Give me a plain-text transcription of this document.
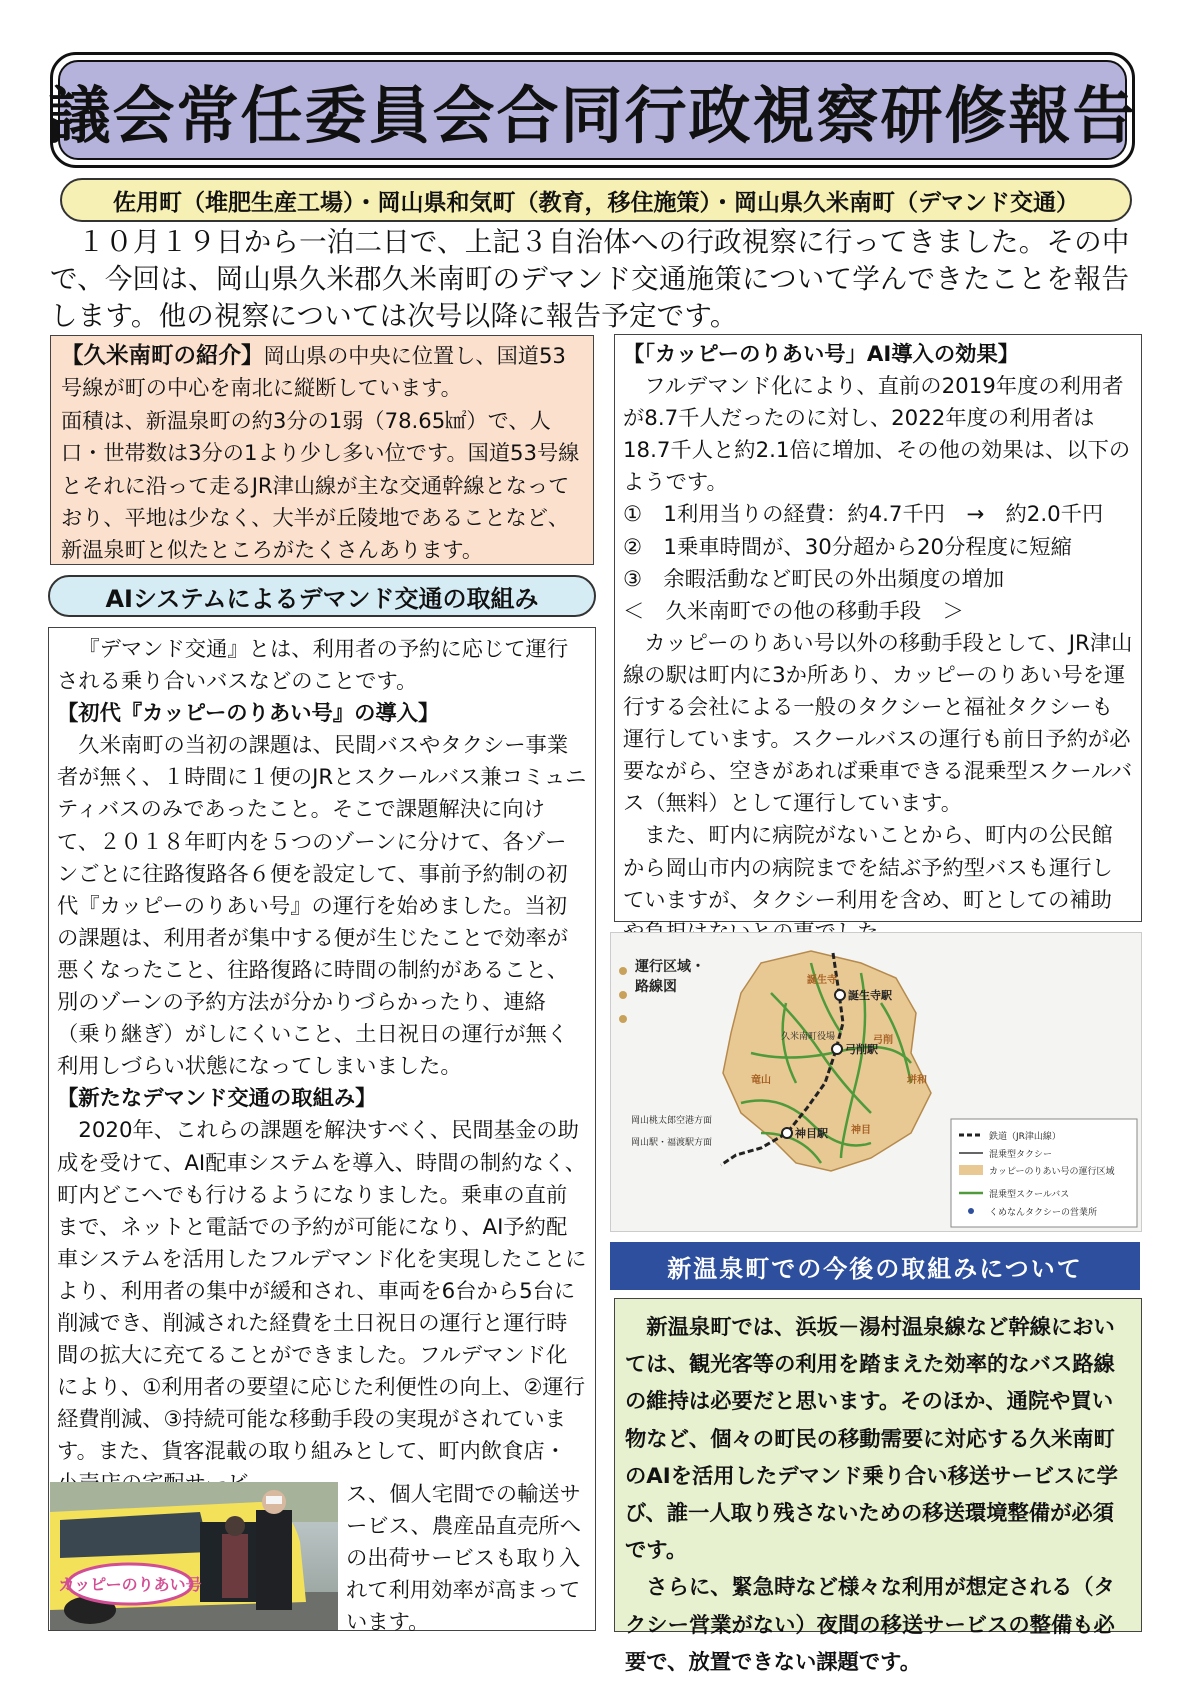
議会常任委員会合同行政視察研修報告
佐用町（堆肥生産工場）・岡山県和気町（教育，移住施策）・岡山県久米南町（デマンド交通）
１０月１９日から一泊二日で、上記３自治体への行政視察に行ってきました。その中で、今回は、岡山県久米郡久米南町のデマンド交通施策について学んできたことを報告します。他の視察については次号以降に報告予定です。
【久米南町の紹介】岡山県の中央に位置し、国道53号線が町の中心を南北に縦断しています。
面積は、新温泉町の約3分の1弱（78.65㎢）で、人口・世帯数は3分の1より少し多い位です。国道53号線とそれに沿って走るJR津山線が主な交通幹線となっており、平地は少なく、大半が丘陵地であることなど、新温泉町と似たところがたくさんあります。
AIシステムによるデマンド交通の取組み
『デマンド交通』とは、利用者の予約に応じて運行される乗り合いバスなどのことです。
【初代『カッピーのりあい号』の導入】
久米南町の当初の課題は、民間バスやタクシー事業者が無く、１時間に１便のJRとスクールバス兼コミュニティバスのみであったこと。そこで課題解決に向けて、２０１８年町内を５つのゾーンに分けて、各ゾーンごとに往路復路各６便を設定して、事前予約制の初代『カッピーのりあい号』の運行を始めました。当初の課題は、利用者が集中する便が生じたことで効率が悪くなったこと、往路復路に時間の制約があること、別のゾーンの予約方法が分かりづらかったり、連絡（乗り継ぎ）がしにくいこと、土日祝日の運行が無く利用しづらい状態になってしまいました。
【新たなデマンド交通の取組み】
2020年、これらの課題を解決すべく、民間基金の助成を受けて、AI配車システムを導入、時間の制約なく、町内どこへでも行けるようになりました。乗車の直前まで、ネットと電話での予約が可能になり、AI予約配車システムを活用したフルデマンド化を実現したことにより、利用者の集中が緩和され、車両を6台から5台に削減でき、削減された経費を土日祝日の運行と運行時間の拡大に充てることができました。フルデマンド化により、①利用者の要望に応じた利便性の向上、②運行経費削減、③持続可能な移動手段の実現がされています。また、貨客混載の取り組みとして、町内飲食店・
カッピーのりあい号
ス、個人宅間での輸送サービス、農産品直売所への出荷サービスも取り入れて利用効率が高まっています。
【「カッピーのりあい号」AI導入の効果】
フルデマンド化により、直前の2019年度の利用者が8.7千人だったのに対し、2022年度の利用者は18.7千人と約2.1倍に増加、その他の効果は、以下のようです。
①　1利用当りの経費：約4.7千円　→　約2.0千円
②　1乗車時間が、30分超から20分程度に短縮
③　余暇活動など町民の外出頻度の増加
＜　久米南町での他の移動手段　＞
カッピーのりあい号以外の移動手段として、JR津山線の駅は町内に3か所あり、カッピーのりあい号を運行する会社による一般のタクシーと福祉タクシーも運行しています。スクールバスの運行も前日予約が必要ながら、空きがあれば乗車できる混乗型スクールバス（無料）として運行しています。
また、町内に病院がないことから、町内の公民館から岡山市内の病院までを結ぶ予約型バスも運行していますが、タクシー利用を含め、町としての補助
運行区域・
路線図
誕生寺駅
弓削駅
神目駅
久米南町役場
誕生寺
弓削
神目
竜山	垪和
岡山桃太郎空港方面
岡山駅・福渡駅方面
鉄道（JR津山線）
混乗型タクシー
カッピーのりあい号の運行区域
混乗型スクールバス
くめなんタクシーの営業所
新温泉町での今後の取組みについて
新温泉町では、浜坂－湯村温泉線など幹線においては、観光客等の利用を踏まえた効率的なバス路線の維持は必要だと思います。そのほか、通院や買い物など、個々の町民の移動需要に対応する久米南町のAIを活用したデマンド乗り合い移送サービスに学び、誰一人取り残さないための移送環境整備が必須です。
さらに、緊急時など様々な利用が想定される（タクシー営業がない）夜間の移送サービスの整備も必要で、放置できない課題です。
